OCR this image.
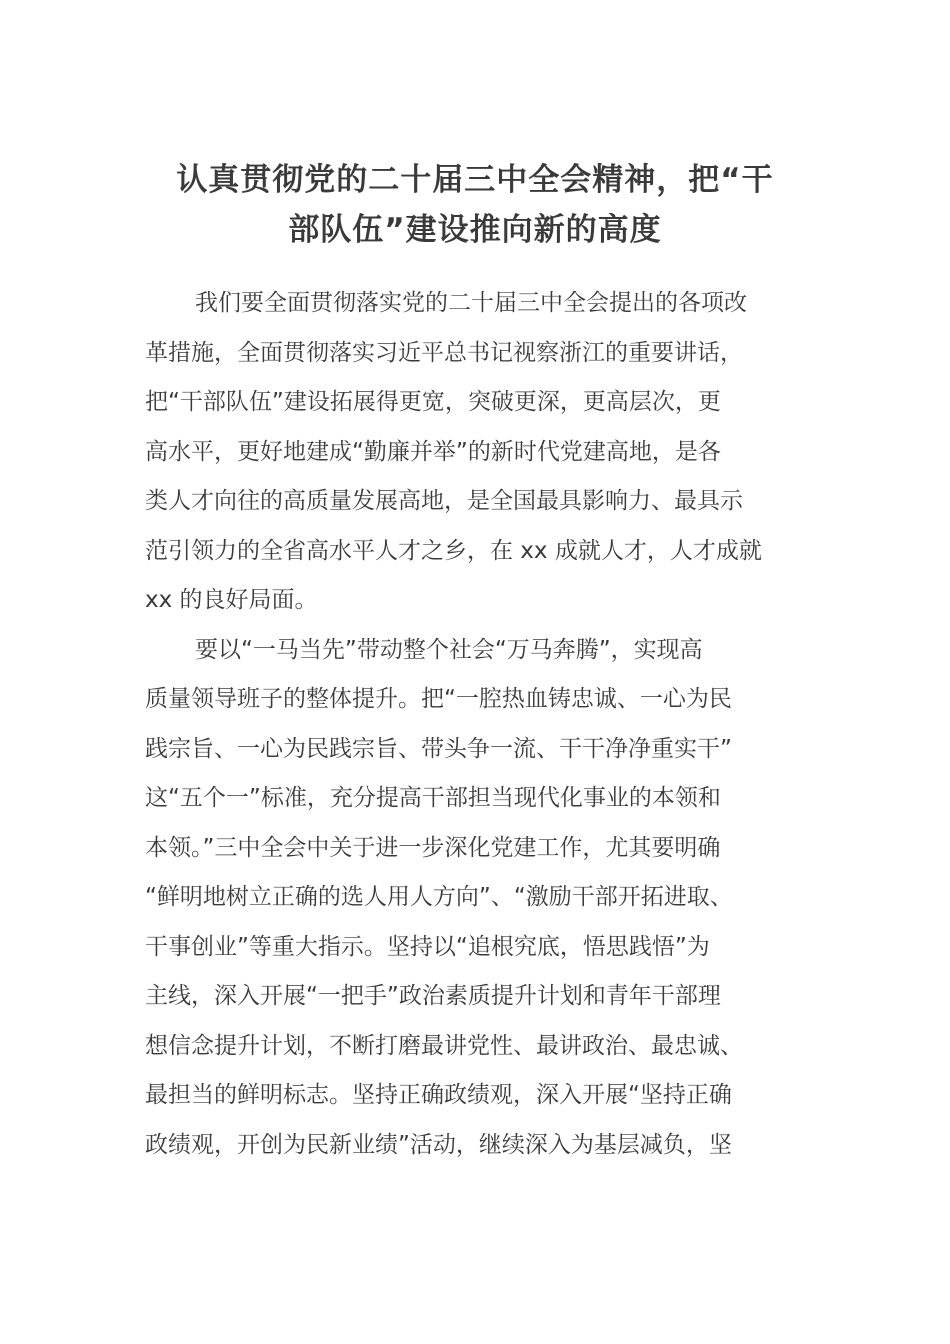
认真贯彻党的二十届三中全会精神，把“干
部队伍”建设推向新的高度
我们要全面贯彻落实党的二十届三中全会提出的各项改
革措施，全面贯彻落实习近平总书记视察浙江的重要讲话，
把“干部队伍”建设拓展得更宽，突破更深，更高层次，更
高水平，更好地建成“勤廉并举”的新时代党建高地，是各
类人才向往的高质量发展高地，是全国最具影响力、最具示
范引领力的全省高水平人才之乡，在 xx 成就人才，人才成就
xx 的良好局面。
要以“一马当先”带动整个社会“万马奔腾”，实现高
质量领导班子的整体提升。把“一腔热血铸忠诚、一心为民
践宗旨、一心为民践宗旨、带头争一流、干干净净重实干”
这“五个一”标准，充分提高干部担当现代化事业的本领和
本领。”三中全会中关于进一步深化党建工作，尤其要明确
“鲜明地树立正确的选人用人方向”、“激励干部开拓进取、
干事创业”等重大指示。坚持以“追根究底，悟思践悟”为
主线，深入开展“一把手”政治素质提升计划和青年干部理
想信念提升计划，不断打磨最讲党性、最讲政治、最忠诚、
最担当的鲜明标志。坚持正确政绩观，深入开展“坚持正确
政绩观，开创为民新业绩”活动，继续深入为基层减负，坚
